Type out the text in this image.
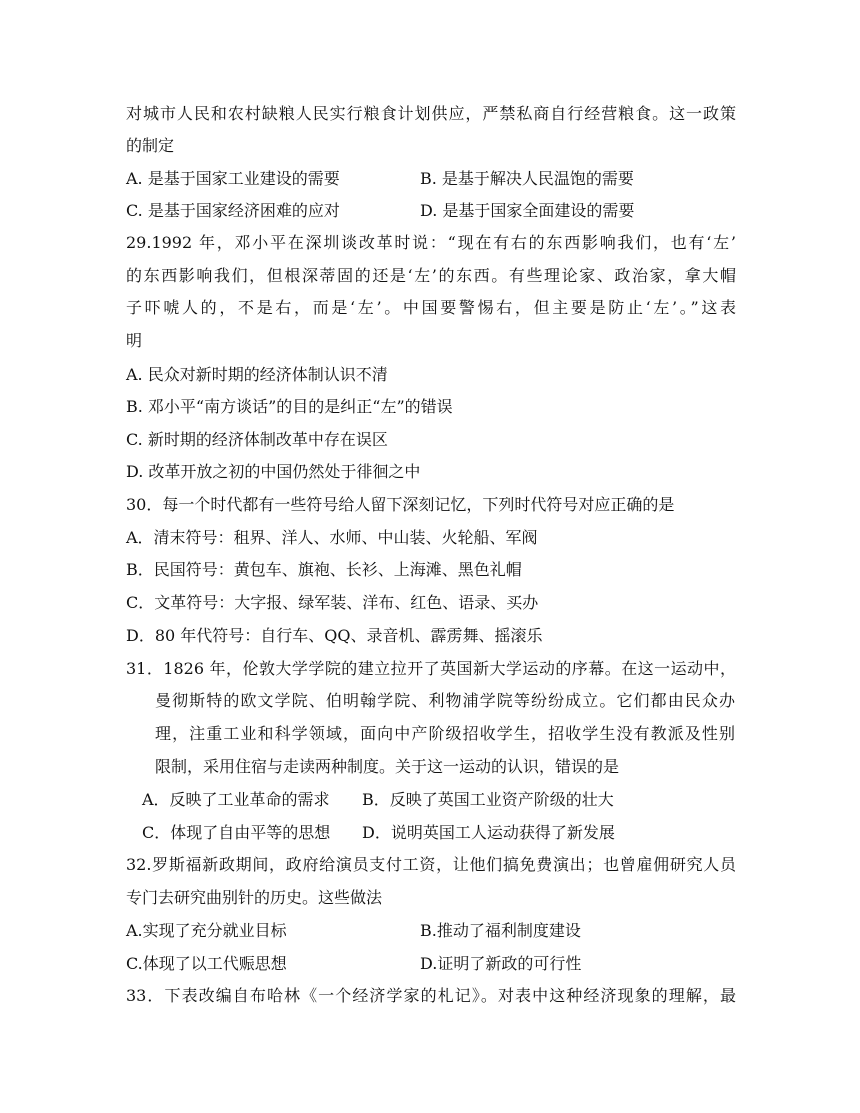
对城市人民和农村缺粮人民实行粮食计划供应，严禁私商自行经营粮食。这一政策
的制定
A. 是基于国家工业建设的需要	B. 是基于解决人民温饱的需要
C. 是基于国家经济困难的应对	D. 是基于国家全面建设的需要
29.1992 年，邓小平在深圳谈改革时说：“现在有右的东西影响我们，也有‘左’
的东西影响我们，但根深蒂固的还是‘左’的东西。有些理论家、政治家，拿大帽
子吓唬人的，不是右，而是‘左’。中国要警惕右，但主要是防止‘左’。”这表
明
A. 民众对新时期的经济体制认识不清
B. 邓小平“南方谈话”的目的是纠正“左”的错误
C. 新时期的经济体制改革中存在误区
D. 改革开放之初的中国仍然处于徘徊之中
30．每一个时代都有一些符号给人留下深刻记忆，下列时代符号对应正确的是
A．清末符号：租界、洋人、水师、中山装、火轮船、军阀
B．民国符号：黄包车、旗袍、长衫、上海滩、黑色礼帽
C．文革符号：大字报、绿军装、洋布、红色、语录、买办
D．80 年代符号：自行车、QQ、录音机、霹雳舞、摇滚乐
31．1826 年，伦敦大学学院的建立拉开了英国新大学运动的序幕。在这一运动中，
曼彻斯特的欧文学院、伯明翰学院、利物浦学院等纷纷成立。它们都由民众办
理，注重工业和科学领域，面向中产阶级招收学生，招收学生没有教派及性别
限制，采用住宿与走读两种制度。关于这一运动的认识，错误的是
A．反映了工业革命的需求 B．反映了英国工业资产阶级的壮大
C．体现了自由平等的思想 D．说明英国工人运动获得了新发展
32.罗斯福新政期间，政府给演员支付工资，让他们搞免费演出；也曾雇佣研究人员
专门去研究曲别针的历史。这些做法
A.实现了充分就业目标	B.推动了福利制度建设
C.体现了以工代赈思想	D.证明了新政的可行性
33．下表改编自布哈林《一个经济学家的札记》。对表中这种经济现象的理解，最
